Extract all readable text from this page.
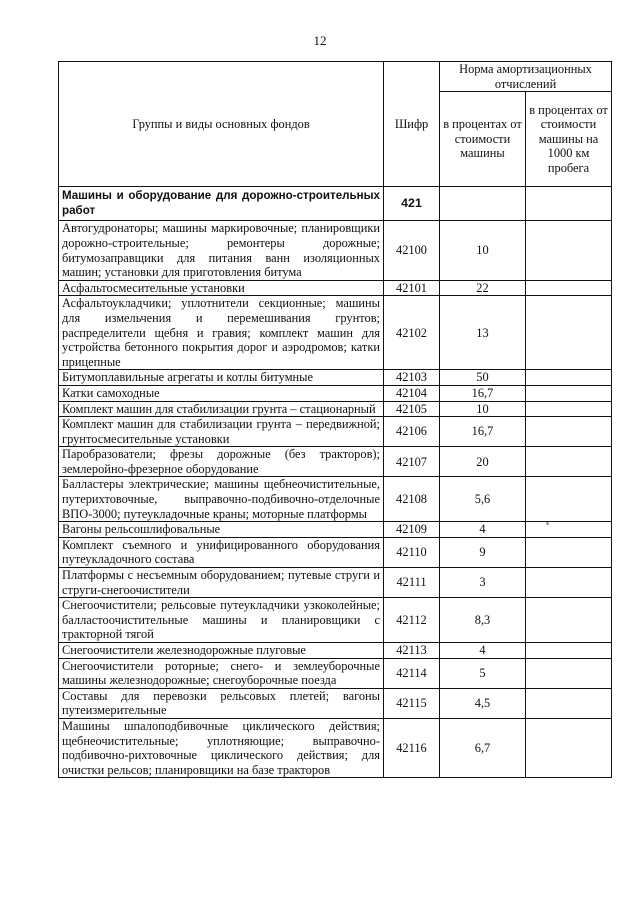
12
Группы и виды основных фондов	Шифр	Норма амортизационных отчислений	
		в процентах от стоимости машины	в процентах от стоимости машины на 1000 км пробега
Машины и оборудование для дорожно-строительных работ	421		
Автогудронаторы; машины маркировочные; планировщики дорожно-строительные; ремонтеры дорожные; битумозаправщики для питания ванн изоляционных машин; установки для приготовления битума	42100	10	
Асфальтосмесительные установки	42101	22	
Асфальтоукладчики; уплотнители секционные; машины для измельчения и перемешивания грунтов; распределители щебня и гравия; комплект машин для устройства бетонного покрытия дорог и аэродромов; катки прицепные	42102	13	
Битумоплавильные агрегаты и котлы битумные	42103	50	
Катки самоходные	42104	16,7	
Комплект машин для стабилизации грунта – стационарный	42105	10	
Комплект машин для стабилизации грунта – передвижной; грунтосмесительные установки	42106	16,7	
Паробразователи; фрезы дорожные (без тракторов); землеройно-фрезерное оборудование	42107	20	
Балластеры электрические; машины щебнеочистительные, путерихтовочные, выправочно-подбивочно-отделочные ВПО-3000; путеукладочные краны; моторные платформы	42108	5,6	
Вагоны рельсошлифовальные	42109	4	
Комплект съемного и унифицированного оборудования путеукладочного состава	42110	9	
Платформы с несъемным оборудованием; путевые струги и струги-снегоочистители	42111	3	
Снегоочистители; рельсовые путеукладчики узкоколейные; балластоочистительные машины и планировщики с тракторной тягой	42112	8,3	
Снегоочистители железнодорожные плуговые	42113	4	
Снегоочистители роторные; снего- и землеуборочные машины железнодорожные; снегоуборочные поезда	42114	5	
Составы для перевозки рельсовых плетей; вагоны путеизмерительные	42115	4,5	
Машины шпалоподбивочные циклического действия; щебнеочистительные; уплотняющие; выправочно-подбивочно-рихтовочные циклического действия; для очистки рельсов; планировщики на базе тракторов	42116	6,7	
